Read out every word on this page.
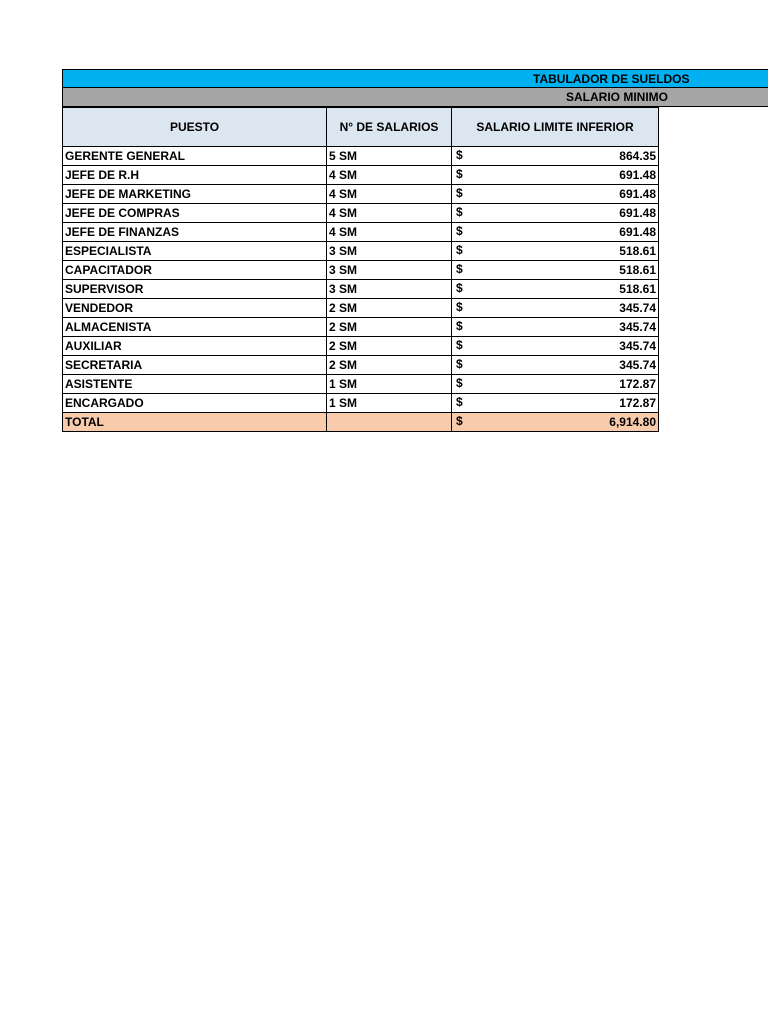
TABULADOR DE SUELDOS
SALARIO MINIMO
PUESTO	N° DE SALARIOS	SALARIO LIMITE INFERIOR
GERENTE GENERAL	5 SM	$ 864.35
JEFE DE R.H	4 SM	$ 691.48
JEFE DE MARKETING	4 SM	$ 691.48
JEFE DE COMPRAS	4 SM	$ 691.48
JEFE DE FINANZAS	4 SM	$ 691.48
ESPECIALISTA	3 SM	$ 518.61
CAPACITADOR	3 SM	$ 518.61
SUPERVISOR	3 SM	$ 518.61
VENDEDOR	2 SM	$ 345.74
ALMACENISTA	2 SM	$ 345.74
AUXILIAR	2 SM	$ 345.74
SECRETARIA	2 SM	$ 345.74
ASISTENTE	1 SM	$ 172.87
ENCARGADO	1 SM	$ 172.87
TOTAL		$ 6,914.80
